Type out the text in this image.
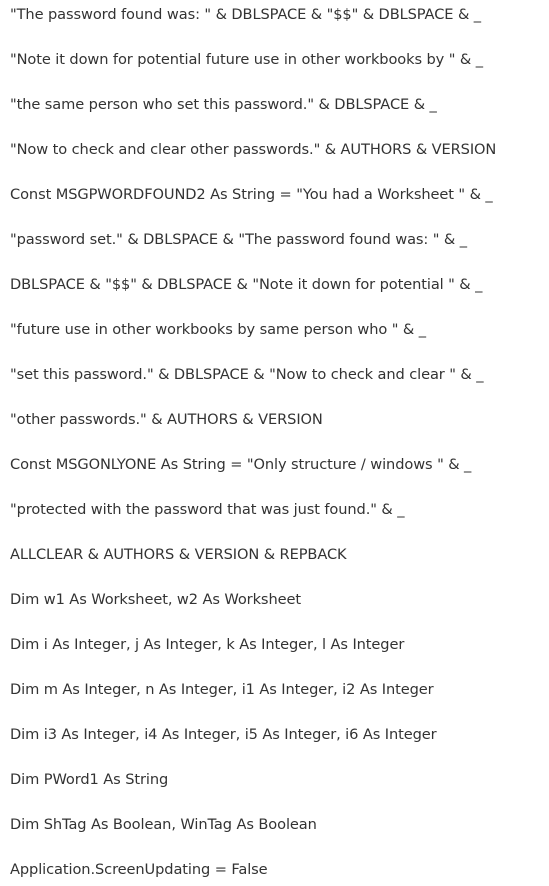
"The password found was: " & DBLSPACE & "$$" & DBLSPACE & _
"Note it down for potential future use in other workbooks by " & _
"the same person who set this password." & DBLSPACE & _
"Now to check and clear other passwords." & AUTHORS & VERSION
Const MSGPWORDFOUND2 As String = "You had a Worksheet " & _
"password set." & DBLSPACE & "The password found was: " & _
DBLSPACE & "$$" & DBLSPACE & "Note it down for potential " & _
"future use in other workbooks by same person who " & _
"set this password." & DBLSPACE & "Now to check and clear " & _
"other passwords." & AUTHORS & VERSION
Const MSGONLYONE As String = "Only structure / windows " & _
"protected with the password that was just found." & _
ALLCLEAR & AUTHORS & VERSION & REPBACK
Dim w1 As Worksheet, w2 As Worksheet
Dim i As Integer, j As Integer, k As Integer, l As Integer
Dim m As Integer, n As Integer, i1 As Integer, i2 As Integer
Dim i3 As Integer, i4 As Integer, i5 As Integer, i6 As Integer
Dim PWord1 As String
Dim ShTag As Boolean, WinTag As Boolean
Application.ScreenUpdating = False
